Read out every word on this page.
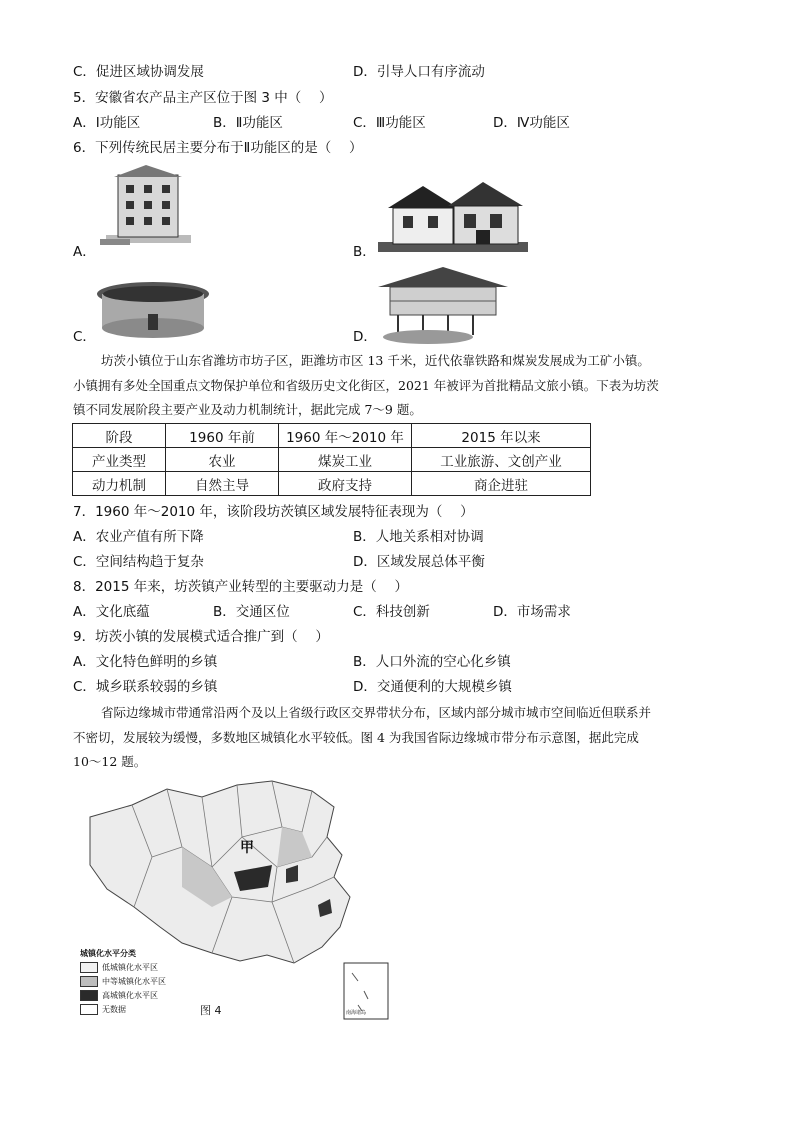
C．促进区域协调发展	D．引导人口有序流动
5．安徽省农产品主产区位于图 3 中（　 ）
A．Ⅰ功能区	B．Ⅱ功能区	C．Ⅲ功能区	D．Ⅳ功能区
6．下列传统民居主要分布于Ⅱ功能区的是（　 ）
A．	B．
C．	D．
坊茨小镇位于山东省潍坊市坊子区，距潍坊市区 13 千米，近代依靠铁路和煤炭发展成为工矿小镇。
小镇拥有多处全国重点文物保护单位和省级历史文化街区，2021 年被评为首批精品文旅小镇。下表为坊茨
镇不同发展阶段主要产业及动力机制统计，据此完成 7～9 题。
阶段	1960 年前	1960 年～2010 年	2015 年以来
产业类型	农业	煤炭工业	工业旅游、文创产业
动力机制	自然主导	政府支持	商企进驻
7．1960 年～2010 年，该阶段坊茨镇区域发展特征表现为（　 ）
A．农业产值有所下降	B．人地关系相对协调
C．空间结构趋于复杂	D．区域发展总体平衡
8．2015 年来，坊茨镇产业转型的主要驱动力是（　 ）
A．文化底蕴	B．交通区位	C．科技创新	D．市场需求
9．坊茨小镇的发展模式适合推广到（　 ）
A．文化特色鲜明的乡镇	B．人口外流的空心化乡镇
C．城乡联系较弱的乡镇	D．交通便利的大规模乡镇
省际边缘城市带通常沿两个及以上省级行政区交界带状分布，区域内部分城市城市空间临近但联系并
不密切，发展较为缓慢，多数地区城镇化水平较低。图 4 为我国省际边缘城市带分布示意图，据此完成
10～12 题。
甲
城镇化水平分类
低城镇化水平区
中等城镇化水平区
高城镇化水平区
无数据	图 4	南海诸岛
